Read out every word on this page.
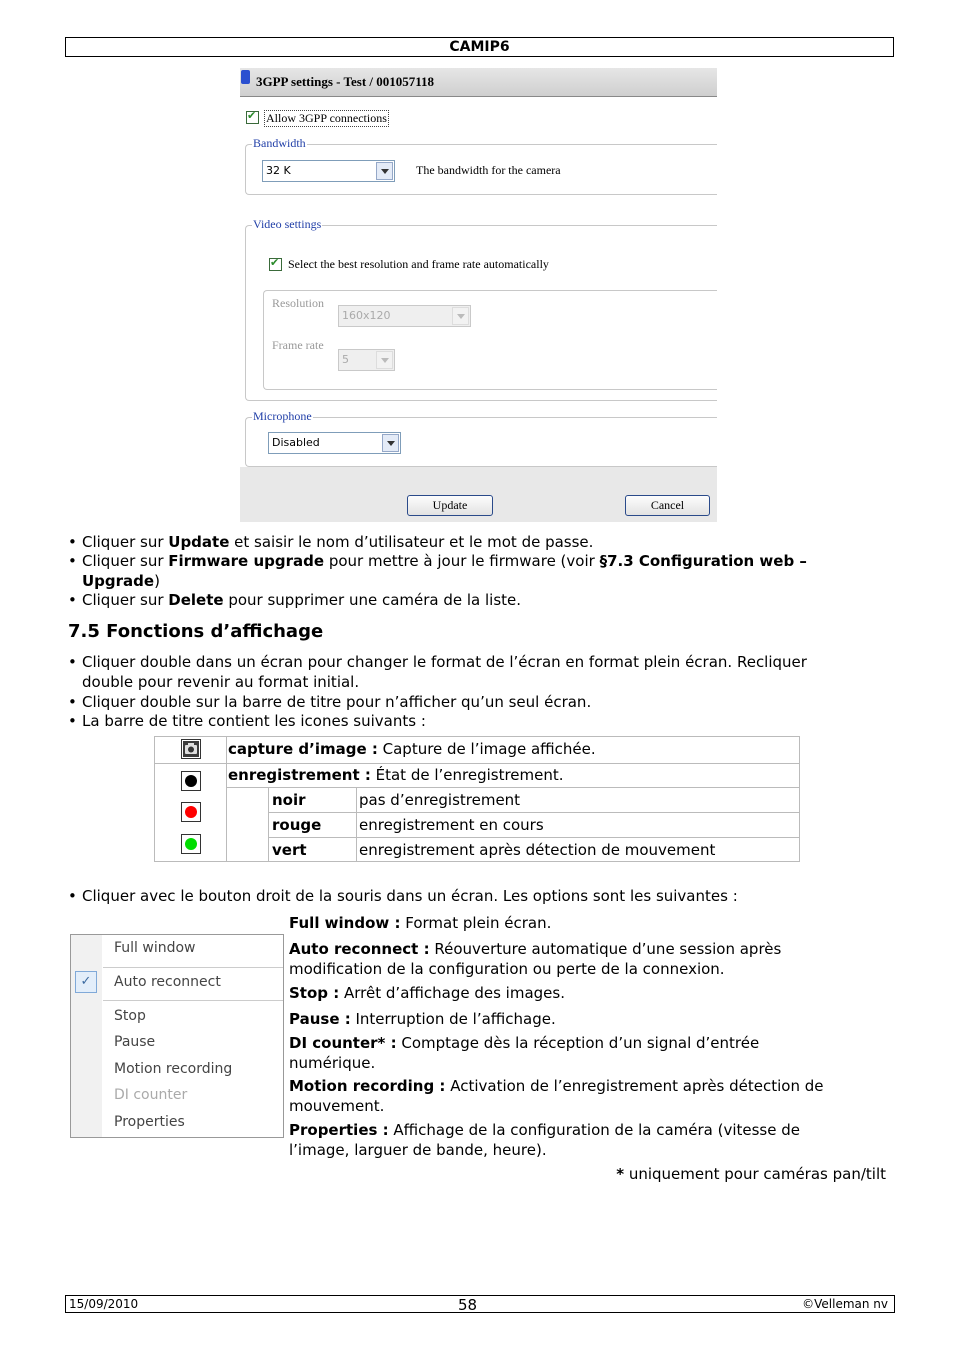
CAMIP6
3GPP settings - Test / 001057118
✔
Allow 3GPP connections
Bandwidth
32 K	The bandwidth for the camera
Video settings
✔
Select the best resolution and frame rate automatically
Resolution
160x120
Frame rate
5
Microphone
Disabled
Update	Cancel
• Cliquer sur Update et saisir le nom d’utilisateur et le mot de passe.
• Cliquer sur Firmware upgrade pour mettre à jour le firmware (voir §7.3 Configuration web –
Upgrade)
• Cliquer sur Delete pour supprimer une caméra de la liste.
7.5 Fonctions d’affichage
• Cliquer double dans un écran pour changer le format de l’écran en format plein écran. Recliquer
double pour revenir au format initial.
• Cliquer double sur la barre de titre pour n’afficher qu’un seul écran.
• La barre de titre contient les icones suivants :
capture d’image : Capture de l’image affichée.
enregistrement : État de l’enregistrement.
noir	pas d’enregistrement
rouge	enregistrement en cours
vert	enregistrement après détection de mouvement
• Cliquer avec le bouton droit de la souris dans un écran. Les options sont les suivantes :
Full window
✓	Auto reconnect
Stop
Pause
Motion recording
DI counter
Properties
Full window : Format plein écran.
Auto reconnect : Réouverture automatique d’une session après
modification de la configuration ou perte de la connexion.
Stop : Arrêt d’affichage des images.
Pause : Interruption de l’affichage.
DI counter* : Comptage dès la réception d’un signal d’entrée
numérique.
Motion recording : Activation de l’enregistrement après détection de
mouvement.
Properties : Affichage de la configuration de la caméra (vitesse de
l’image, larguer de bande, heure).
* uniquement pour caméras pan/tilt
15/09/2010	58	©Velleman nv
